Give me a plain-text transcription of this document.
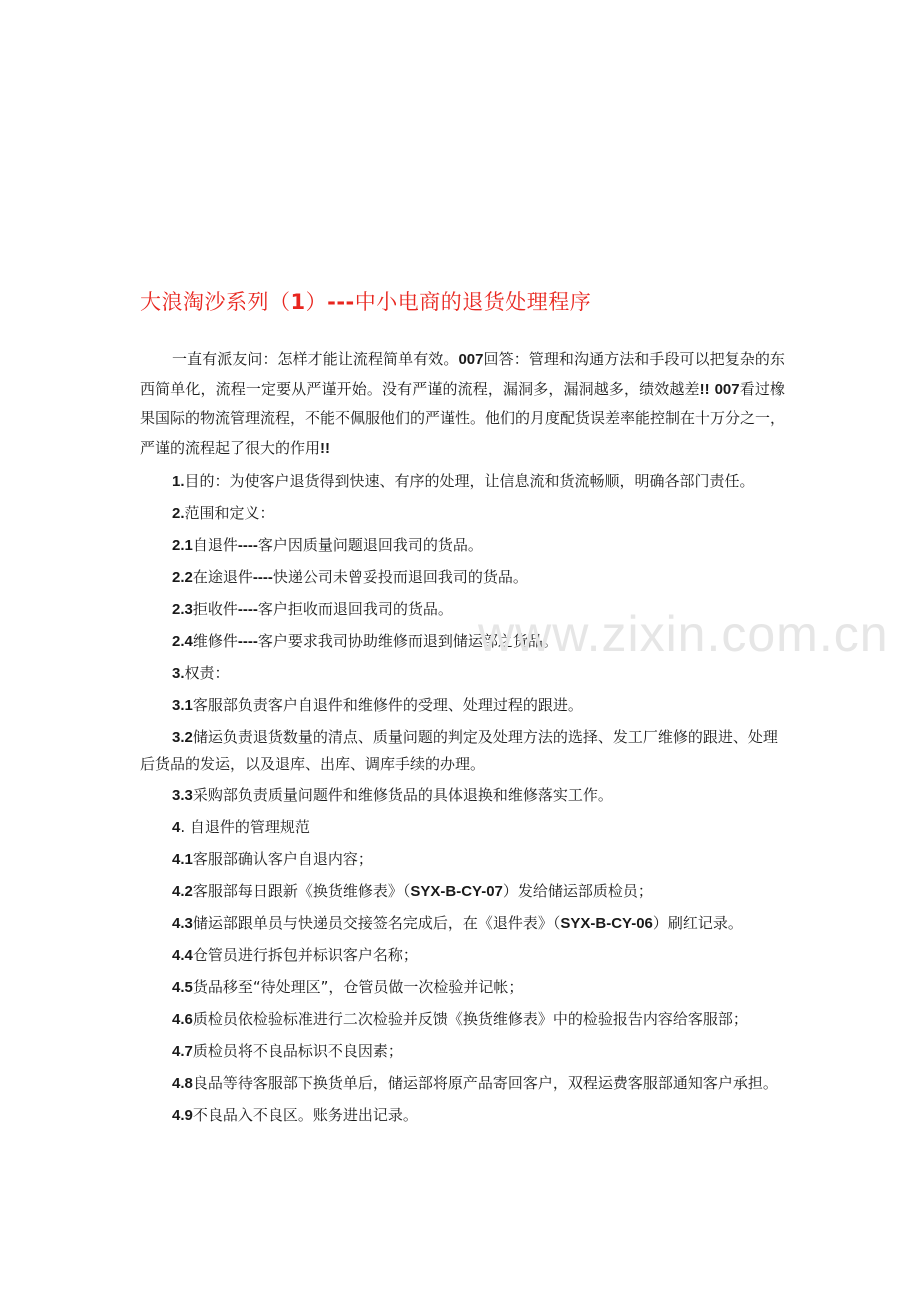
大浪淘沙系列（1）---中小电商的退货处理程序

一直有派友问：怎样才能让流程简单有效。007回答：管理和沟通方法和手段可以把复杂的东西简单化，流程一定要从严谨开始。没有严谨的流程，漏洞多，漏洞越多，绩效越差!! 007看过橡果国际的物流管理流程，不能不佩服他们的严谨性。他们的月度配货误差率能控制在十万分之一，严谨的流程起了很大的作用!!

1.目的：为使客户退货得到快速、有序的处理，让信息流和货流畅顺，明确各部门责任。

2.范围和定义：

2.1自退件----客户因质量问题退回我司的货品。

2.2在途退件----快递公司未曾妥投而退回我司的货品。

2.3拒收件----客户拒收而退回我司的货品。

2.4维修件----客户要求我司协助维修而退到储运部之货品。

3.权责：

3.1客服部负责客户自退件和维修件的受理、处理过程的跟进。

3.2储运负责退货数量的清点、质量问题的判定及处理方法的选择、发工厂维修的跟进、处理后货品的发运，以及退库、出库、调库手续的办理。

3.3采购部负责质量问题件和维修货品的具体退换和维修落实工作。

4. 自退件的管理规范

4.1客服部确认客户自退内容；

4.2客服部每日跟新《换货维修表》（SYX-B-CY-07）发给储运部质检员；

4.3储运部跟单员与快递员交接签名完成后，在《退件表》（SYX-B-CY-06）刷红记录。

4.4仓管员进行拆包并标识客户名称；

4.5货品移至“待处理区”，仓管员做一次检验并记帐；

4.6质检员依检验标准进行二次检验并反馈《换货维修表》中的检验报告内容给客服部；

4.7质检员将不良品标识不良因素；

4.8良品等待客服部下换货单后，储运部将原产品寄回客户，双程运费客服部通知客户承担。

4.9不良品入不良区。账务进出记录。

www.zixin.com.cn
